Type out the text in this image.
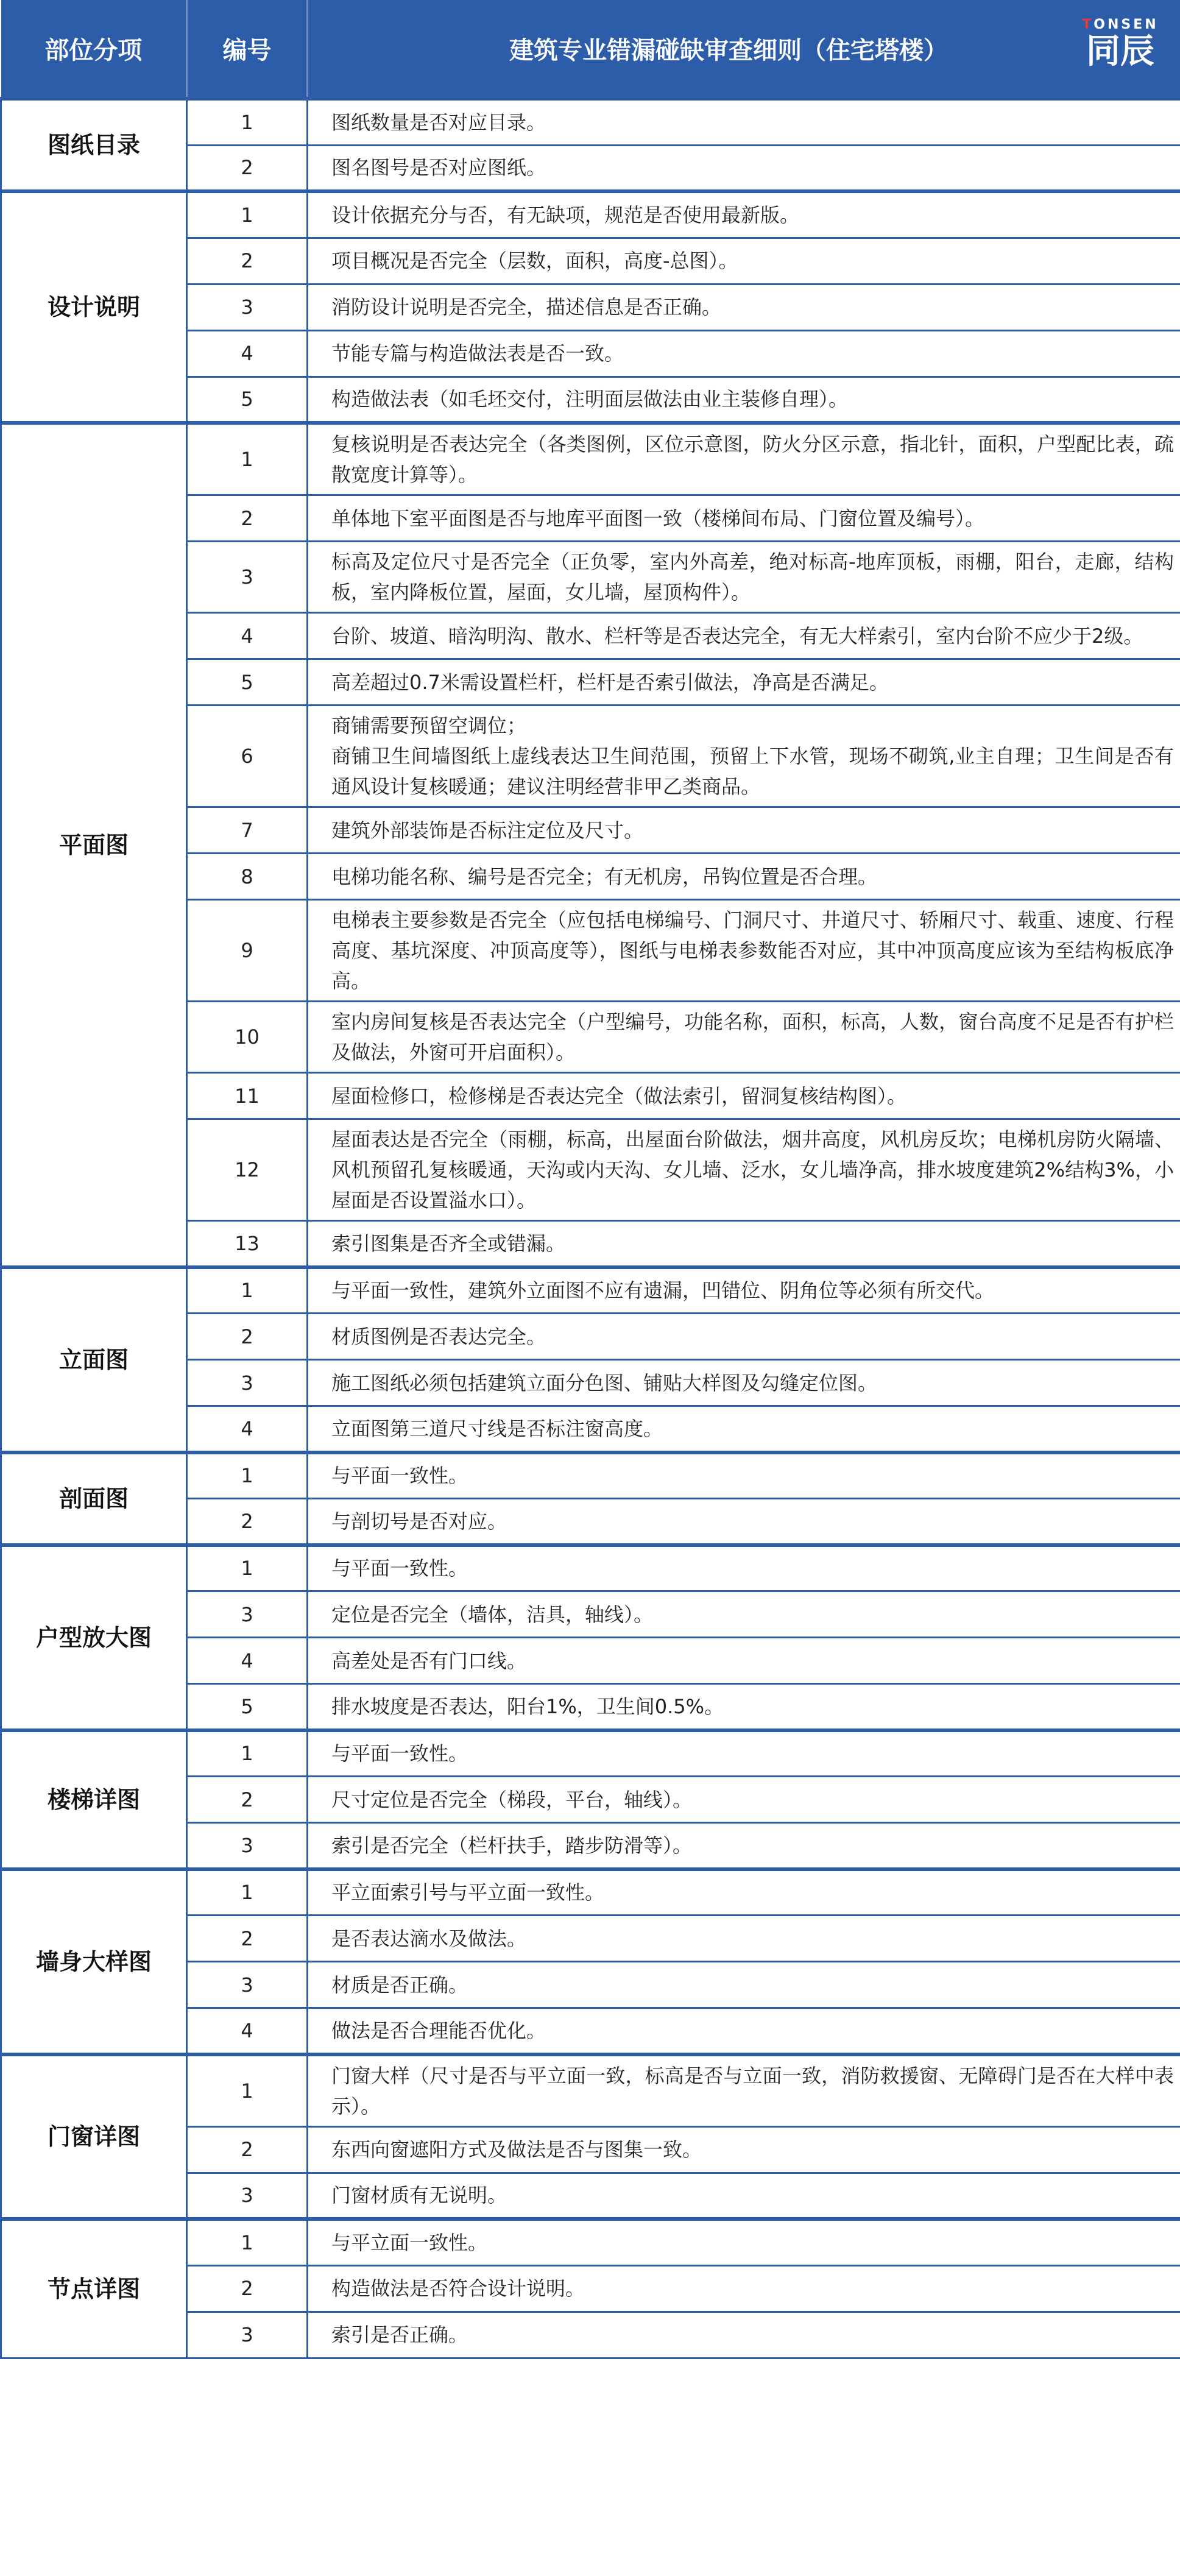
部位分项	编号	建筑专业错漏碰缺审查细则（住宅塔楼）
图纸目录	1	图纸数量是否对应目录。
	2	图名图号是否对应图纸。
设计说明	1	设计依据充分与否，有无缺项，规范是否使用最新版。
	2	项目概况是否完全（层数，面积，高度-总图）。
	3	消防设计说明是否完全，描述信息是否正确。
	4	节能专篇与构造做法表是否一致。
	5	构造做法表（如毛坯交付，注明面层做法由业主装修自理）。
平面图	1	复核说明是否表达完全（各类图例，区位示意图，防火分区示意，指北针，面积，户型配比表，疏散宽度计算等）。
	2	单体地下室平面图是否与地库平面图一致（楼梯间布局、门窗位置及编号）。
	3	标高及定位尺寸是否完全（正负零，室内外高差，绝对标高-地库顶板，雨棚，阳台，走廊，结构板，室内降板位置，屋面，女儿墙，屋顶构件）。
	4	台阶、坡道、暗沟明沟、散水、栏杆等是否表达完全，有无大样索引，室内台阶不应少于2级。
	5	高差超过0.7米需设置栏杆，栏杆是否索引做法，净高是否满足。
	6	商铺需要预留空调位；
商铺卫生间墙图纸上虚线表达卫生间范围，预留上下水管，现场不砌筑,业主自理；卫生间是否有通风设计复核暖通；建议注明经营非甲乙类商品。
	7	建筑外部装饰是否标注定位及尺寸。
	8	电梯功能名称、编号是否完全；有无机房，吊钩位置是否合理。
	9	电梯表主要参数是否完全（应包括电梯编号、门洞尺寸、井道尺寸、轿厢尺寸、载重、速度、行程高度、基坑深度、冲顶高度等），图纸与电梯表参数能否对应，其中冲顶高度应该为至结构板底净高。
	10	室内房间复核是否表达完全（户型编号，功能名称，面积，标高，人数，窗台高度不足是否有护栏及做法，外窗可开启面积）。
	11	屋面检修口，检修梯是否表达完全（做法索引，留洞复核结构图）。
	12	屋面表达是否完全（雨棚，标高，出屋面台阶做法，烟井高度，风机房反坎；电梯机房防火隔墙、风机预留孔复核暖通，天沟或内天沟、女儿墙、泛水，女儿墙净高，排水坡度建筑2%结构3%，小屋面是否设置溢水口）。
	13	索引图集是否齐全或错漏。
立面图	1	与平面一致性，建筑外立面图不应有遗漏，凹错位、阴角位等必须有所交代。
	2	材质图例是否表达完全。
	3	施工图纸必须包括建筑立面分色图、铺贴大样图及勾缝定位图。
	4	立面图第三道尺寸线是否标注窗高度。
剖面图	1	与平面一致性。
	2	与剖切号是否对应。
户型放大图	1	与平面一致性。
	3	定位是否完全（墙体，洁具，轴线）。
	4	高差处是否有门口线。
	5	排水坡度是否表达，阳台1%，卫生间0.5%。
楼梯详图	1	与平面一致性。
	2	尺寸定位是否完全（梯段，平台，轴线）。
	3	索引是否完全（栏杆扶手，踏步防滑等）。
墙身大样图	1	平立面索引号与平立面一致性。
	2	是否表达滴水及做法。
	3	材质是否正确。
	4	做法是否合理能否优化。
门窗详图	1	门窗大样（尺寸是否与平立面一致，标高是否与立面一致，消防救援窗、无障碍门是否在大样中表示）。
	2	东西向窗遮阳方式及做法是否与图集一致。
	3	门窗材质有无说明。
节点详图	1	与平立面一致性。
	2	构造做法是否符合设计说明。
	3	索引是否正确。
TONSEN
同辰
